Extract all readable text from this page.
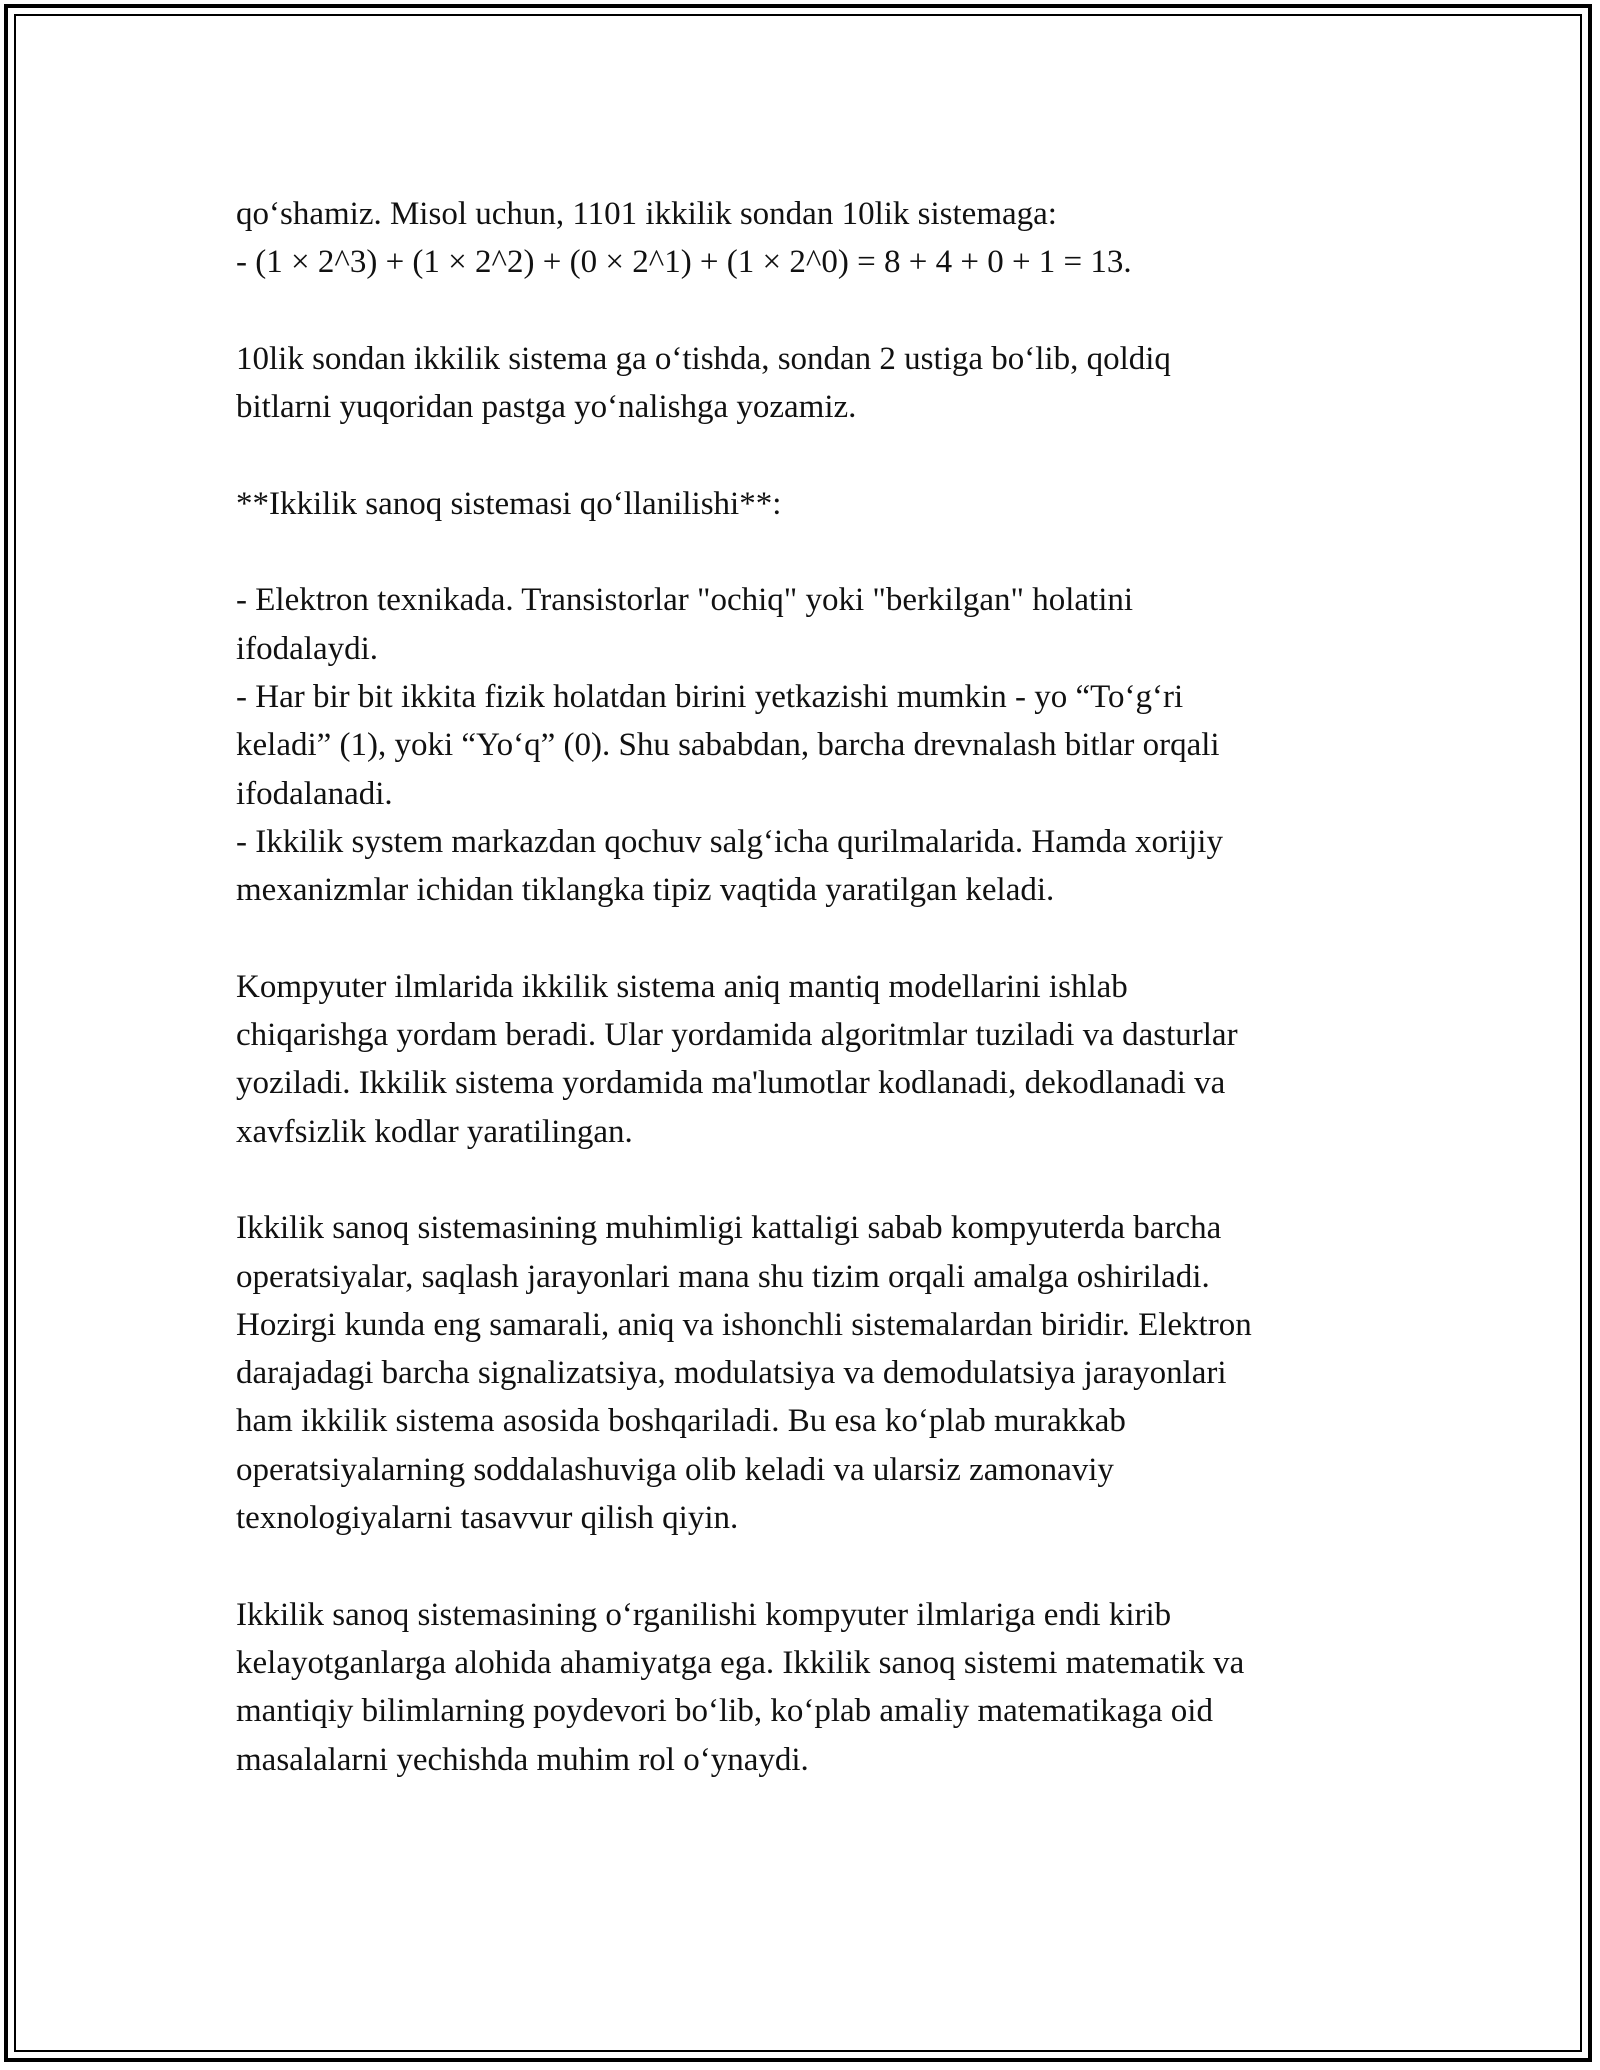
qo‘shamiz. Misol uchun, 1101 ikkilik sondan 10lik sistemaga:
- (1 × 2^3) + (1 × 2^2) + (0 × 2^1) + (1 × 2^0) = 8 + 4 + 0 + 1 = 13.

10lik sondan ikkilik sistema ga o‘tishda, sondan 2 ustiga bo‘lib, qoldiq
bitlarni yuqoridan pastga yo‘nalishga yozamiz.

**Ikkilik sanoq sistemasi qo‘llanilishi**:

- Elektron texnikada. Transistorlar "ochiq" yoki "berkilgan" holatini
ifodalaydi.
- Har bir bit ikkita fizik holatdan birini yetkazishi mumkin - yo “To‘g‘ri
keladi” (1), yoki “Yo‘q” (0). Shu sababdan, barcha drevnalash bitlar orqali
ifodalanadi.
- Ikkilik system markazdan qochuv salg‘icha qurilmalarida. Hamda xorijiy
mexanizmlar ichidan tiklangka tipiz vaqtida yaratilgan keladi.

Kompyuter ilmlarida ikkilik sistema aniq mantiq modellarini ishlab
chiqarishga yordam beradi. Ular yordamida algoritmlar tuziladi va dasturlar
yoziladi. Ikkilik sistema yordamida ma'lumotlar kodlanadi, dekodlanadi va
xavfsizlik kodlar yaratilingan.

Ikkilik sanoq sistemasining muhimligi kattaligi sabab kompyuterda barcha
operatsiyalar, saqlash jarayonlari mana shu tizim orqali amalga oshiriladi.
Hozirgi kunda eng samarali, aniq va ishonchli sistemalardan biridir. Elektron
darajadagi barcha signalizatsiya, modulatsiya va demodulatsiya jarayonlari
ham ikkilik sistema asosida boshqariladi. Bu esa ko‘plab murakkab
operatsiyalarning soddalashuviga olib keladi va ularsiz zamonaviy
texnologiyalarni tasavvur qilish qiyin.

Ikkilik sanoq sistemasining o‘rganilishi kompyuter ilmlariga endi kirib
kelayotganlarga alohida ahamiyatga ega. Ikkilik sanoq sistemi matematik va
mantiqiy bilimlarning poydevori bo‘lib, ko‘plab amaliy matematikaga oid
masalalarni yechishda muhim rol o‘ynaydi.
